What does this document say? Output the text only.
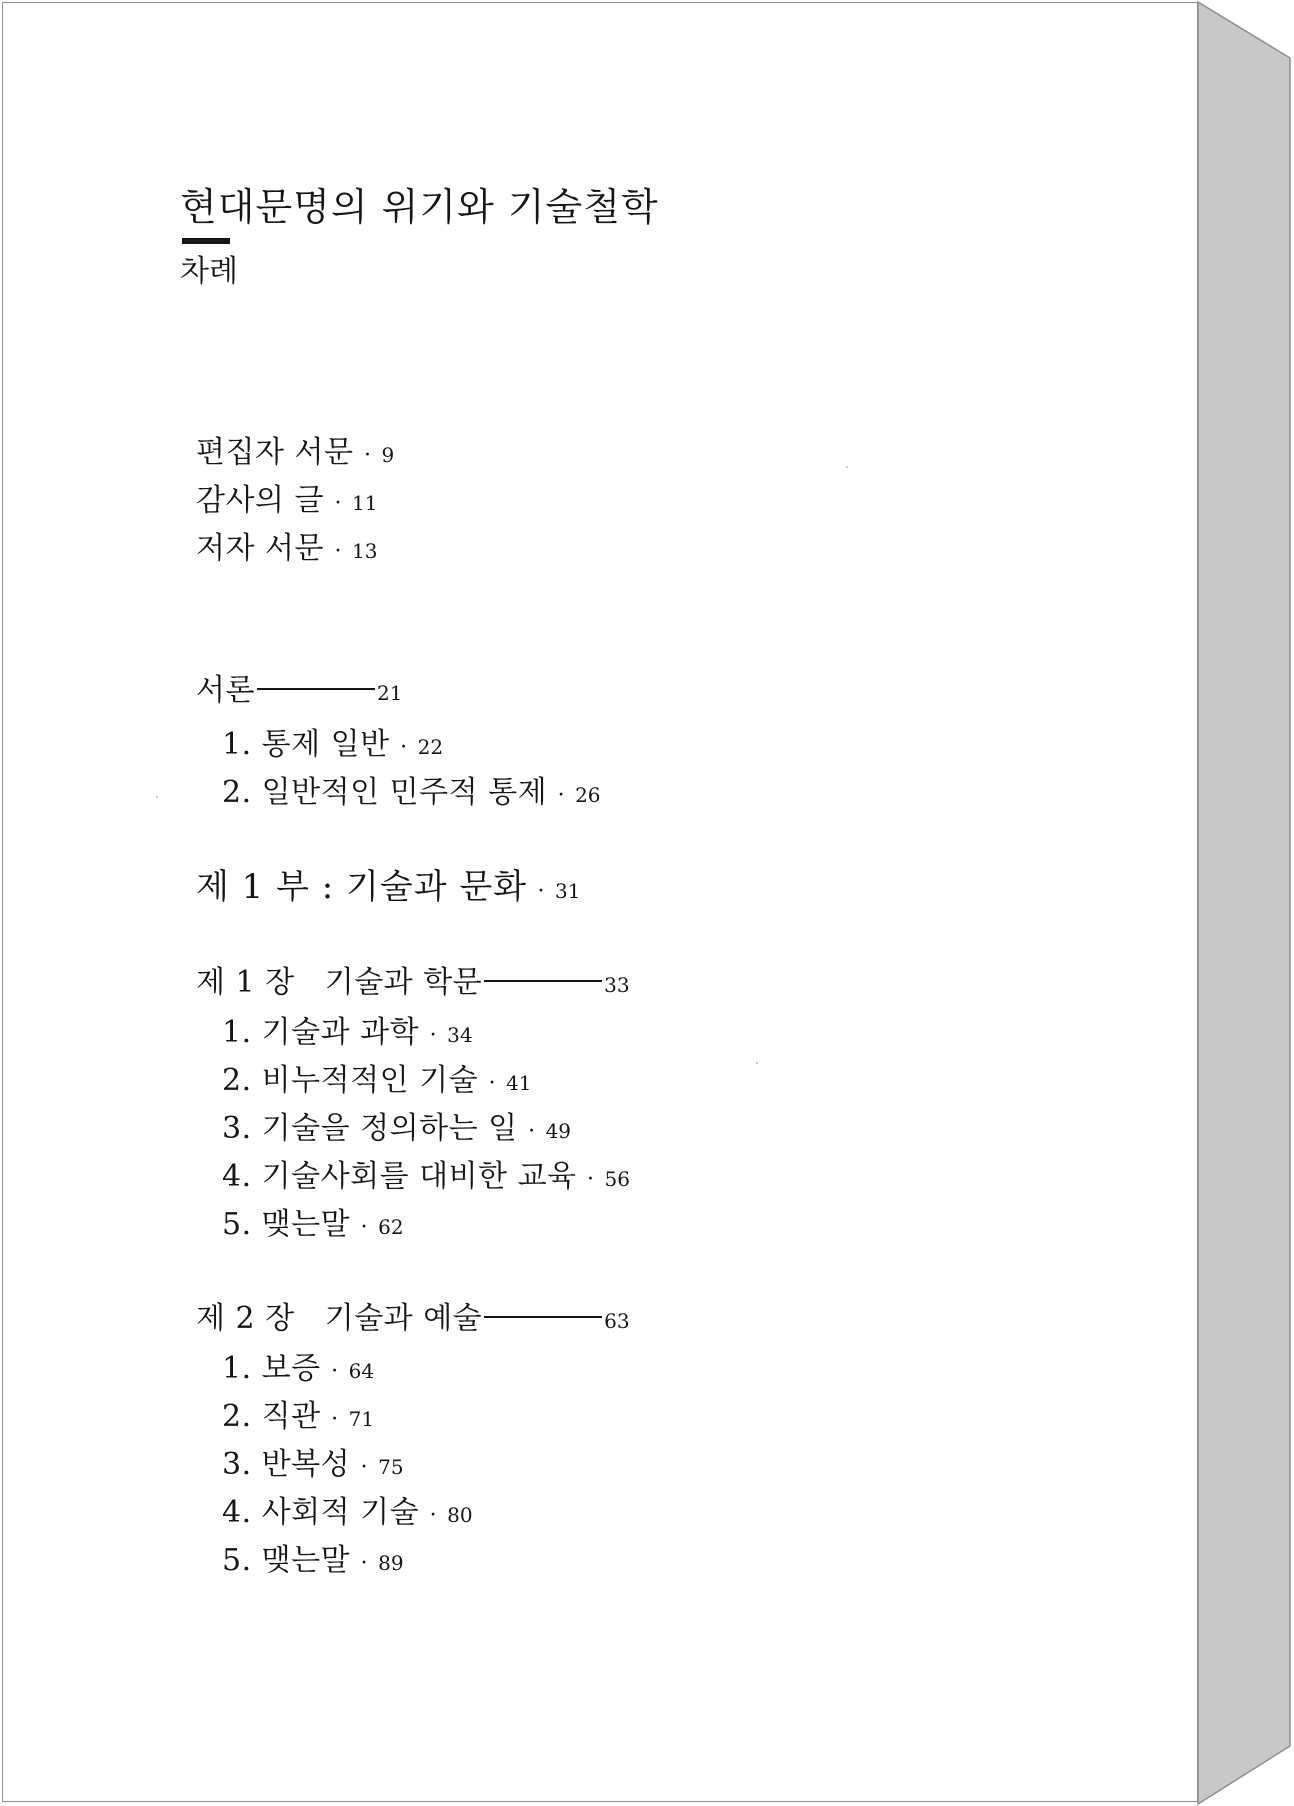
현대문명의 위기와 기술철학
차례
편집자 서문 · 9
감사의 글 · 11
저자 서문 · 13
서론	21
1. 통제 일반 · 22
2. 일반적인 민주적 통제 · 26
제 1 부 : 기술과 문화 · 31
제 1 장   기술과 학문	33
1. 기술과 과학 · 34
2. 비누적적인 기술 · 41
3. 기술을 정의하는 일 · 49
4. 기술사회를 대비한 교육 · 56
5. 맺는말 · 62
제 2 장   기술과 예술	63
1. 보증 · 64
2. 직관 · 71
3. 반복성 · 75
4. 사회적 기술 · 80
5. 맺는말 · 89
